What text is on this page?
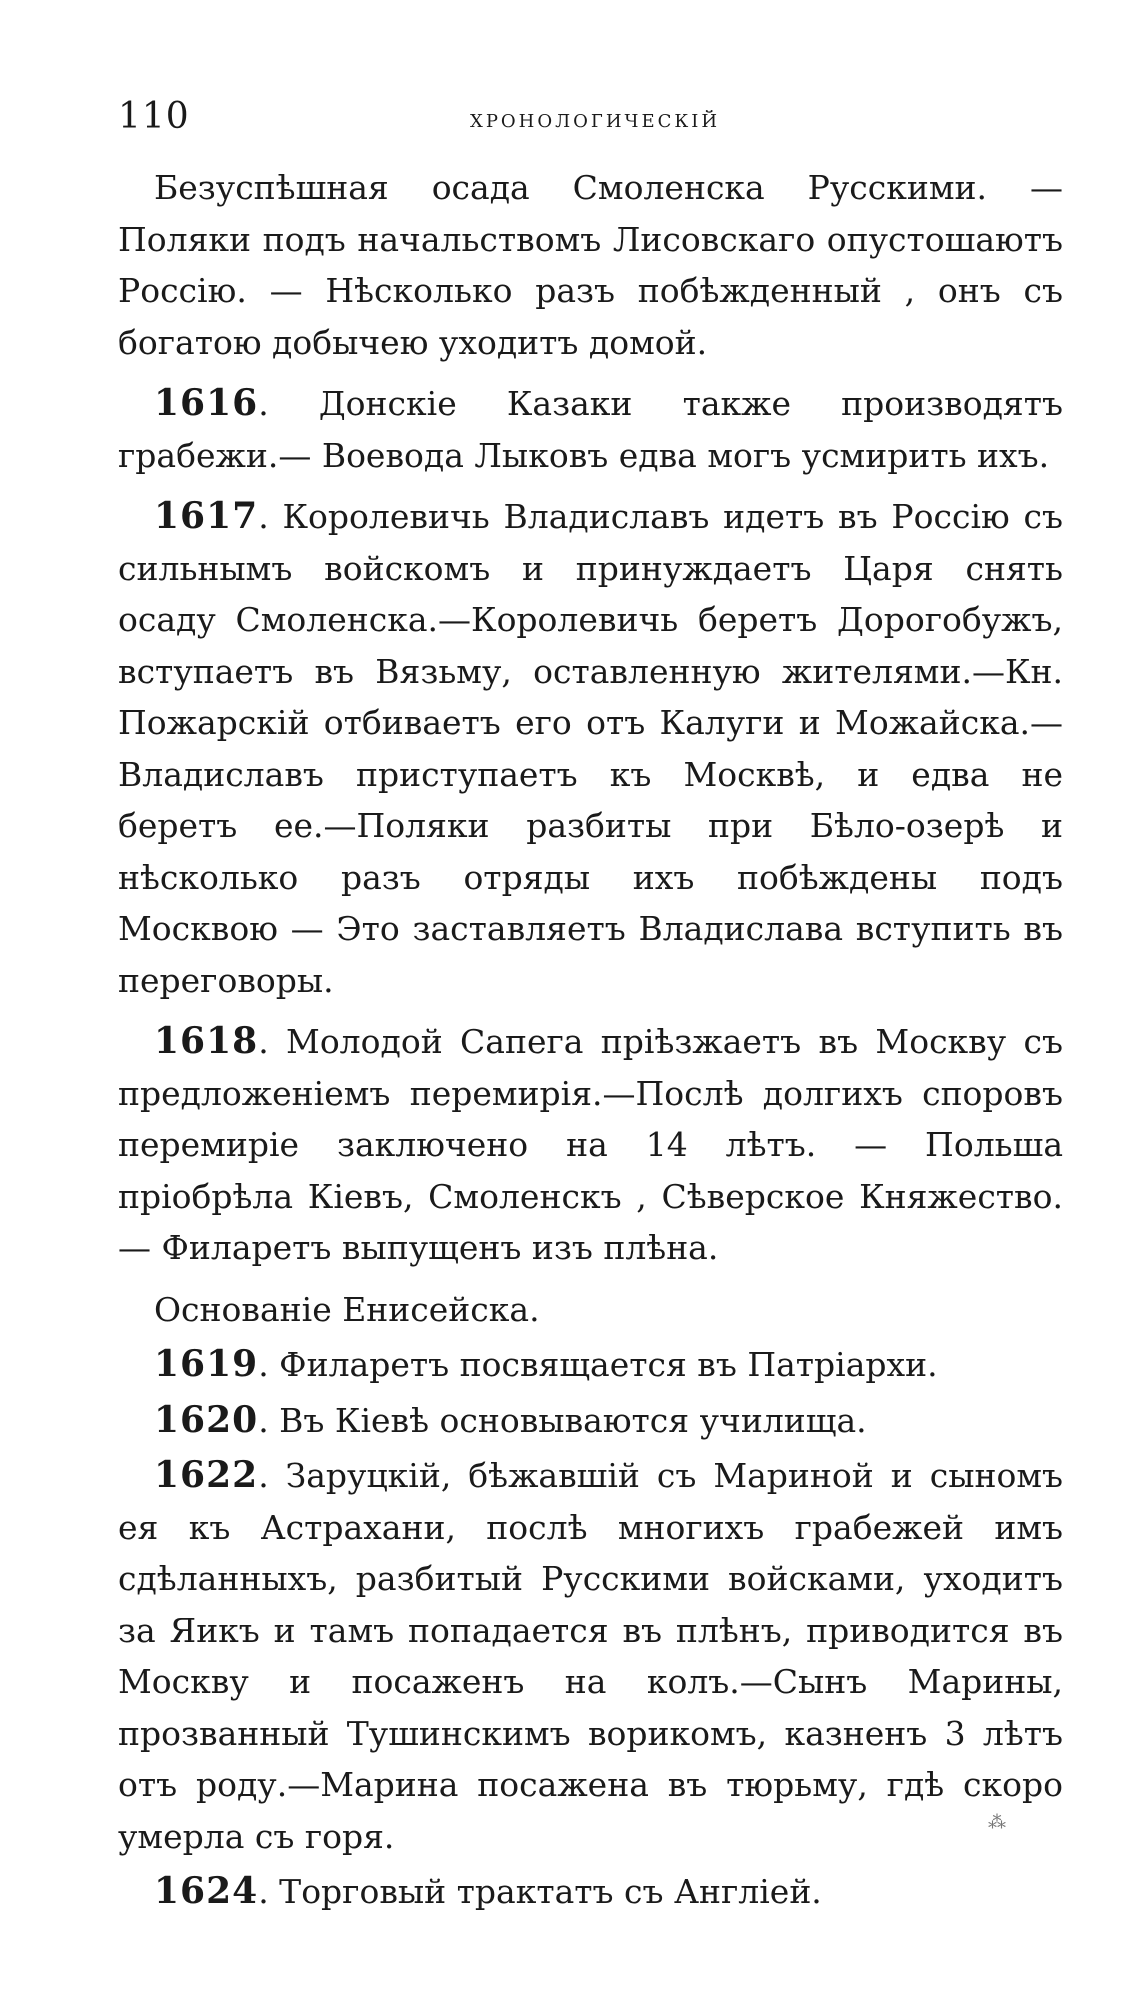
110	хронологическій

Безуспѣшная осада Смоленска Русскими. — Поляки подъ начальствомъ Лисовскаго опустошаютъ Россію. — Нѣсколько разъ побѣжденный , онъ съ богатою добычею уходитъ домой.

1616. Донскіе Казаки также производятъ грабежи.— Воевода Лыковъ едва могъ усмирить ихъ.

1617. Королевичь Владиславъ идетъ въ Россію съ сильнымъ войскомъ и принуждаетъ Царя снять осаду Смоленска.—Королевичь беретъ Дорогобужъ, вступаетъ въ Вязьму, оставленную жителями.—Кн. Пожарскій отбиваетъ его отъ Калуги и Можайска.—Владиславъ приступаетъ къ Москвѣ, и едва не беретъ ее.—Поляки разбиты при Бѣло-озерѣ и нѣсколько разъ отряды ихъ побѣждены подъ Москвою — Это заставляетъ Владислава вступить въ переговоры.

1618. Молодой Сапега пріѣзжаетъ въ Москву съ предложеніемъ перемирія.—Послѣ долгихъ споровъ перемиріе заключено на 14 лѣтъ. — Польша пріобрѣла Кіевъ, Смоленскъ , Сѣверское Княжество. — Филаретъ выпущенъ изъ плѣна.

Основаніе Енисейска.

1619. Филаретъ посвящается въ Патріархи.

1620. Въ Кіевѣ основываются училища.

1622. Заруцкій, бѣжавшій съ Мариной и сыномъ ея къ Астрахани, послѣ многихъ грабежей имъ сдѣланныхъ, разбитый Русскими войсками, уходитъ за Яикъ и тамъ попадается въ плѣнъ, приводится въ Москву и посаженъ на колъ.—Сынъ Марины, прозванный Тушинскимъ ворикомъ, казненъ 3 лѣтъ отъ роду.—Марина посажена въ тюрьму, гдѣ скоро умерла съ горя.

1624. Торговый трактатъ съ Англіей.

⁂
